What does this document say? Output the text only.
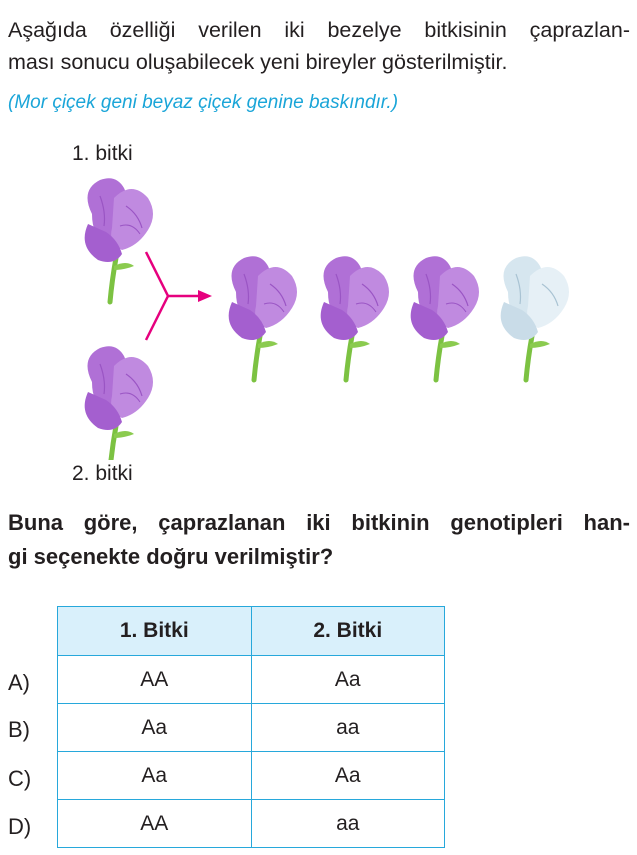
Aşağıda özelliği verilen iki bezelye bitkisinin çaprazlan-
ması sonucu oluşabilecek yeni bireyler gösterilmiştir.

(Mor çiçek geni beyaz çiçek genine baskındır.)

1. bitki

2. bitki

Buna göre, çaprazlanan iki bitkinin genotipleri han-
gi seçenekte doğru verilmiştir?

A)

B)

C)

D)

1. Bitki	2. Bitki
AA	Aa
Aa	aa
Aa	Aa
AA	aa
